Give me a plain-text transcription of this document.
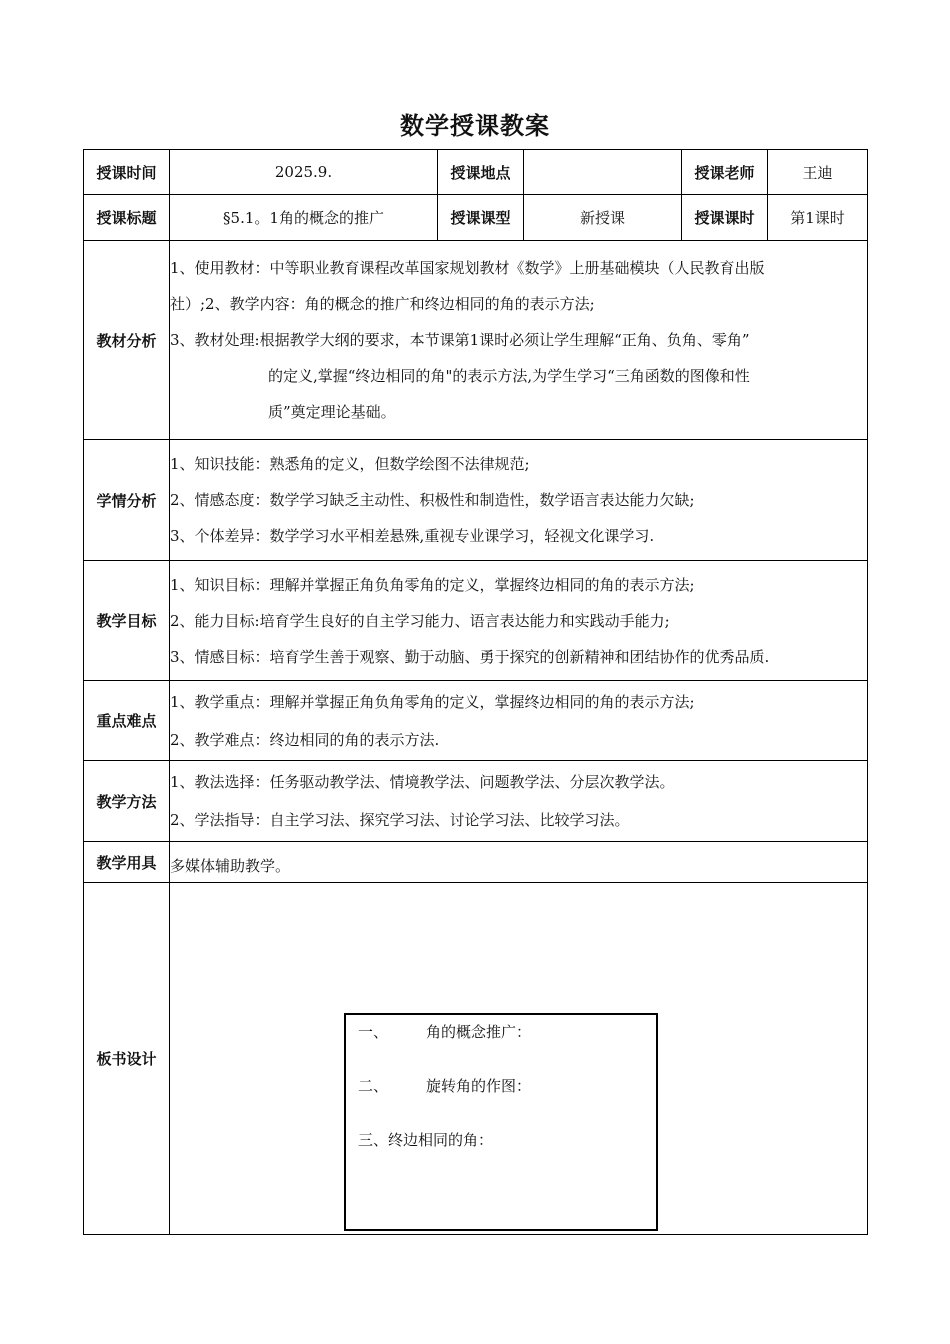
数学授课教案
授课时间	2025.9.	授课地点		授课老师	王迪
授课标题	§5.1。1角的概念的推广	授课课型	新授课	授课课时	第1课时
教材分析	1、使用教材：中等职业教育课程改革国家规划教材《数学》上册基础模块（人民教育出版
社）;2、教学内容：角的概念的推广和终边相同的角的表示方法;
3、教材处理:根据教学大纲的要求，本节课第1课时必须让学生理解“正角、负角、零角”
的定义,掌握“终边相同的角"的表示方法,为学生学习“三角函数的图像和性
质”奠定理论基础。				

学情分析	1、知识技能：熟悉角的定义，但数学绘图不法律规范;
2、情感态度：数学学习缺乏主动性、积极性和制造性，数学语言表达能力欠缺;
3、个体差异：数学学习水平相差悬殊,重视专业课学习，轻视文化课学习.				

教学目标	1、知识目标：理解并掌握正角负角零角的定义，掌握终边相同的角的表示方法;
2、能力目标:培育学生良好的自主学习能力、语言表达能力和实践动手能力;
3、情感目标：培育学生善于观察、勤于动脑、勇于探究的创新精神和团结协作的优秀品质.				

重点难点	1、教学重点：理解并掌握正角负角零角的定义，掌握终边相同的角的表示方法;
2、教学难点：终边相同的角的表示方法.				

教学方法	1、教法选择：任务驱动教学法、情境教学法、问题教学法、分层次教学法。
2、学法指导：自主学习法、探究学习法、讨论学习法、比较学习法。				

教学用具	多媒体辅助教学。				

板书设计	一、 角的概念推广：
二、 旋转角的作图：
三、终边相同的角：				
